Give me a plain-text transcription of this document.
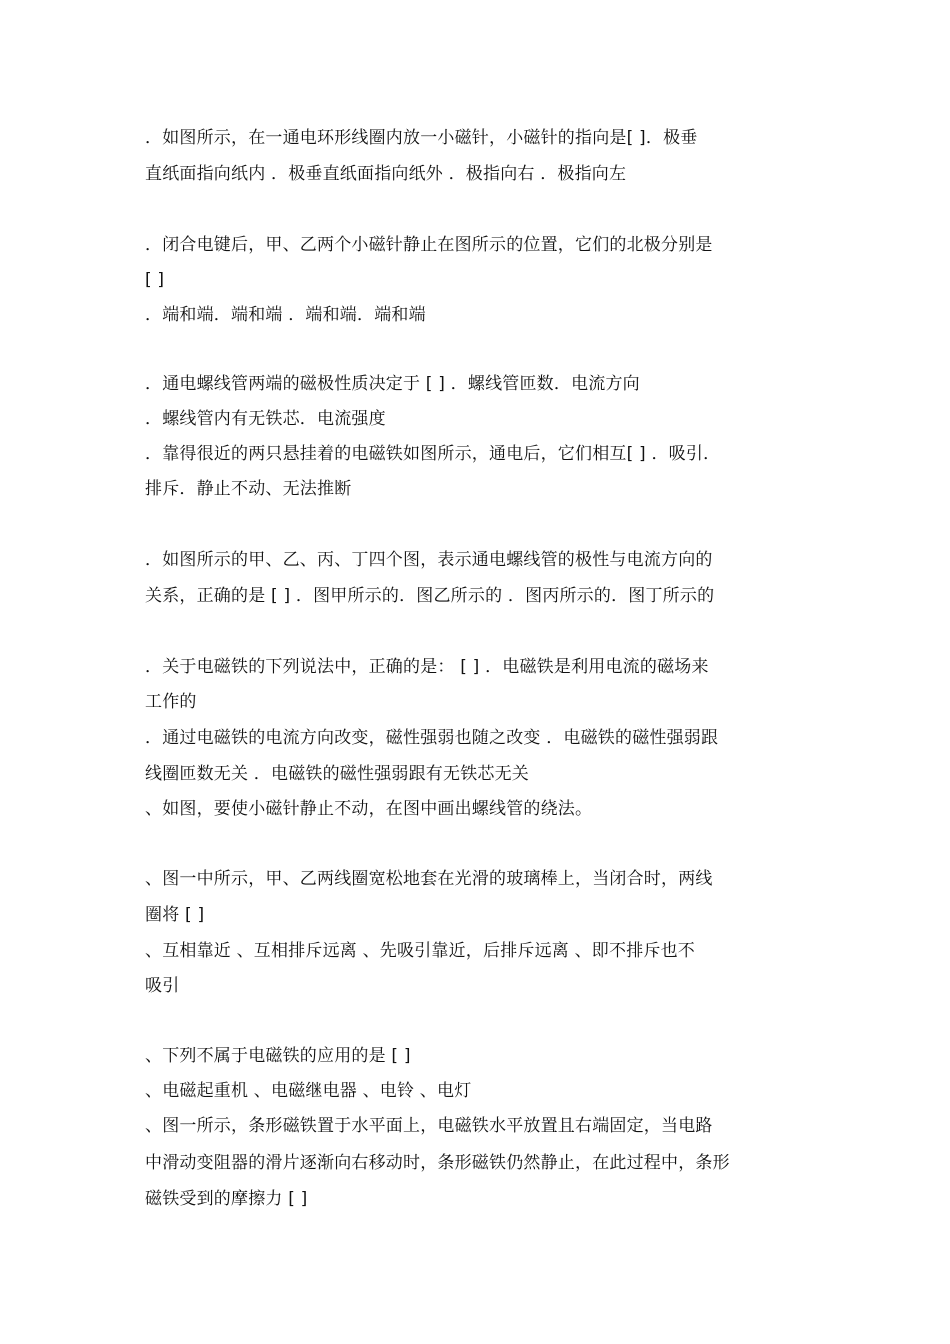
．如图所示，在一通电环形线圈内放一小磁针，小磁针的指向是[ ]．极垂
直纸面指向纸内 ．极垂直纸面指向纸外 ．极指向右 ．极指向左
．闭合电键后，甲、乙两个小磁针静止在图所示的位置，它们的北极分别是
[ ]
．端和端．端和端 ．端和端．端和端
．通电螺线管两端的磁极性质决定于 [ ] ．螺线管匝数．电流方向
．螺线管内有无铁芯．电流强度
．靠得很近的两只悬挂着的电磁铁如图所示，通电后，它们相互[ ] ．吸引．
排斥．静止不动、无法推断
．如图所示的甲、乙、丙、丁四个图，表示通电螺线管的极性与电流方向的
关系，正确的是 [ ] ．图甲所示的．图乙所示的 ．图丙所示的．图丁所示的
．关于电磁铁的下列说法中，正确的是： [ ] ．电磁铁是利用电流的磁场来
工作的
．通过电磁铁的电流方向改变，磁性强弱也随之改变 ．电磁铁的磁性强弱跟
线圈匝数无关 ．电磁铁的磁性强弱跟有无铁芯无关
、如图，要使小磁针静止不动，在图中画出螺线管的绕法。
、图一中所示，甲、乙两线圈宽松地套在光滑的玻璃棒上，当闭合时，两线
圈将 [ ]
、互相靠近 、互相排斥远离 、先吸引靠近，后排斥远离 、即不排斥也不
吸引
、下列不属于电磁铁的应用的是 [ ]
、电磁起重机 、电磁继电器 、电铃 、电灯
、图一所示，条形磁铁置于水平面上，电磁铁水平放置且右端固定，当电路
中滑动变阻器的滑片逐渐向右移动时，条形磁铁仍然静止，在此过程中，条形
磁铁受到的摩擦力 [ ]
